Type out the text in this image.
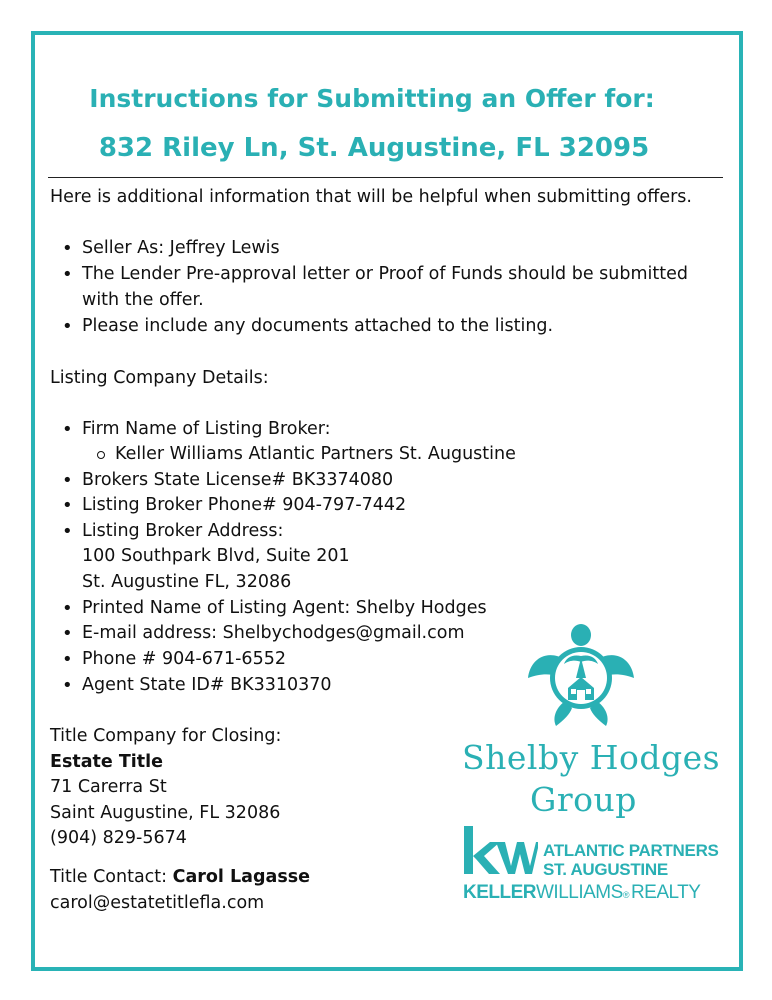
Instructions for Submitting an Offer for:
832 Riley Ln, St. Augustine, FL 32095
Here is additional information that will be helpful when submitting offers.
• Seller As: Jeffrey Lewis
• The Lender Pre-approval letter or Proof of Funds should be submitted
with the offer.
• Please include any documents attached to the listing.
Listing Company Details:
• Firm Name of Listing Broker:
Keller Williams Atlantic Partners St. Augustine
• Brokers State License# BK3374080
• Listing Broker Phone# 904-797-7442
• Listing Broker Address:
100 Southpark Blvd, Suite 201
St. Augustine FL, 32086
• Printed Name of Listing Agent: Shelby Hodges
• E-mail address: Shelbychodges@gmail.com
• Phone # 904-671-6552
• Agent State ID# BK3310370
Title Company for Closing:
Estate Title
71 Carerra St
Saint Augustine, FL 32086
(904) 829-5674
Title Contact: Carol Lagasse
carol@estatetitlefla.com
Shelby Hodges
Group
ATLANTIC PARTNERS
ST. AUGUSTINE
KELLERWILLIAMS® REALTY
